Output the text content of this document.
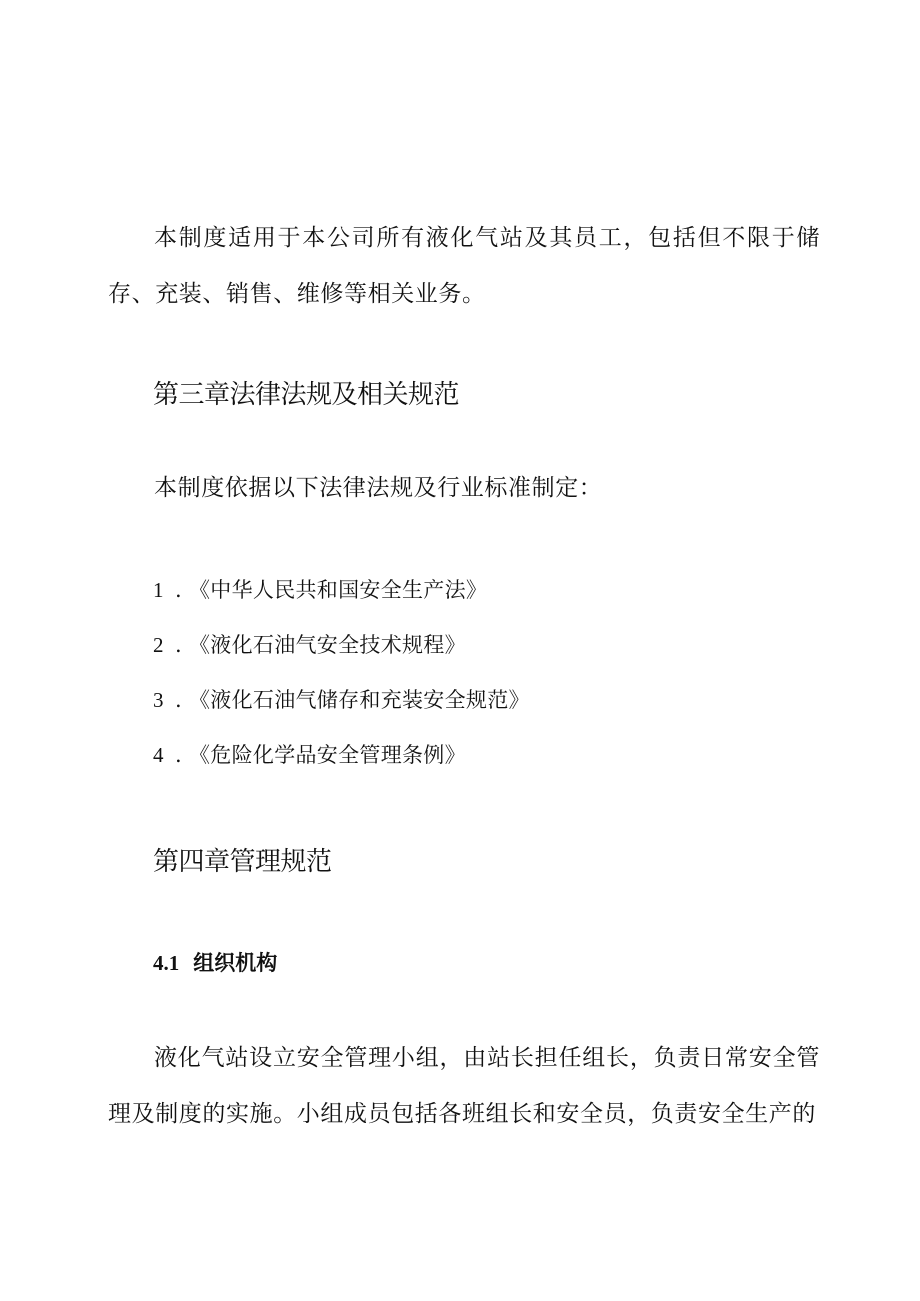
本制度适用于本公司所有液化气站及其员工，包括但不限于储存、充装、销售、维修等相关业务。

第三章法律法规及相关规范

本制度依据以下法律法规及行业标准制定：

1 . 《中华人民共和国安全生产法》
2 . 《液化石油气安全技术规程》
3 . 《液化石油气储存和充装安全规范》
4 . 《危险化学品安全管理条例》
第四章管理规范
4.1 组织机构

液化气站设立安全管理小组，由站长担任组长，负责日常安全管理及制度的实施。小组成员包括各班组长和安全员，负责安全生产的
